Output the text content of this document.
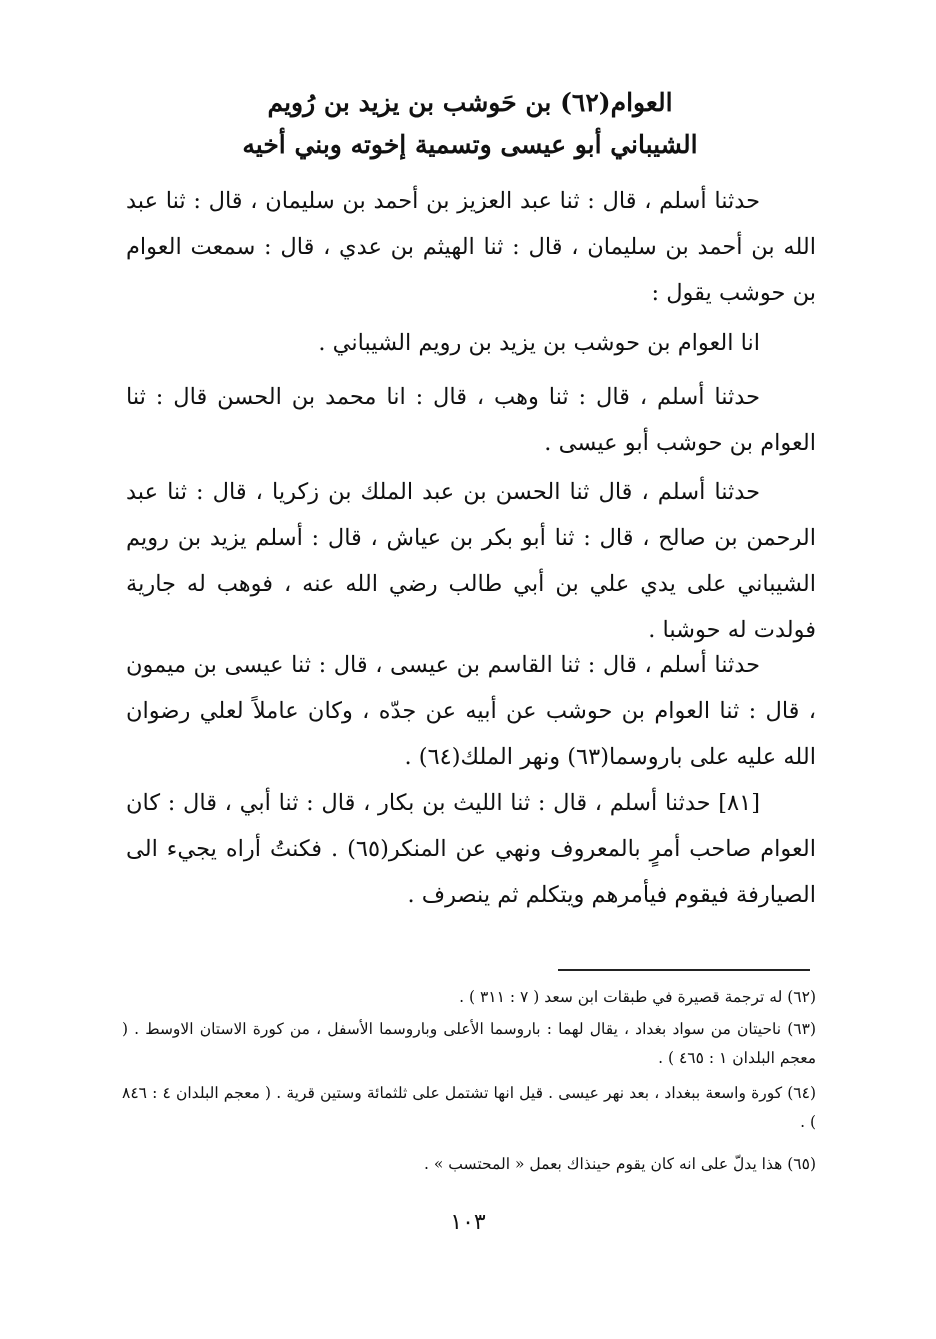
العوام(٦٢) بن حَوشب بن يزيد بن رُويم
الشيباني أبو عيسى وتسمية إخوته وبني أخيه
حدثنا أسلم ، قال : ثنا عبد العزيز بن أحمد بن سليمان ، قال : ثنا عبد الله بن أحمد بن سليمان ، قال : ثنا الهيثم بن عدي ، قال : سمعت العوام بن حوشب يقول :
انا العوام بن حوشب بن يزيد بن رويم الشيباني .
حدثنا أسلم ، قال : ثنا وهب ، قال : انا محمد بن الحسن قال : ثنا العوام بن حوشب أبو عيسى .
حدثنا أسلم ، قال ثنا الحسن بن عبد الملك بن زكريا ، قال : ثنا عبد الرحمن بن صالح ، قال : ثنا أبو بكر بن عياش ، قال : أسلم يزيد بن رويم الشيباني على يدي علي بن أبي طالب رضي الله عنه ، فوهب له جارية فولدت له حوشبا .
حدثنا أسلم ، قال : ثنا القاسم بن عيسى ، قال : ثنا عيسى بن ميمون ، قال : ثنا العوام بن حوشب عن أبيه عن جدّه ، وكان عاملاً لعلي رضوان الله عليه على باروسما(٦٣) ونهر الملك(٦٤) .
[٨١] حدثنا أسلم ، قال : ثنا الليث بن بكار ، قال : ثنا أبي ، قال : كان العوام صاحب أمرٍ بالمعروف ونهي عن المنكر(٦٥) . فكنتُ أراه يجيء الى الصيارفة فيقوم فيأمرهم ويتكلم ثم ينصرف .
(٦٢) له ترجمة قصيرة في طبقات ابن سعد ( ٧ : ٣١١ ) .
(٦٣) ناحيتان من سواد بغداد ، يقال لهما : باروسما الأعلى وباروسما الأسفل ، من كورة الاستان الاوسط . ( معجم البلدان ١ : ٤٦٥ ) .
(٦٤) كورة واسعة ببغداد ، بعد نهر عيسى . قيل انها تشتمل على ثلثمائة وستين قرية . ( معجم البلدان ٤ : ٨٤٦ ) .
(٦٥) هذا يدلّ على انه كان يقوم حينذاك بعمل « المحتسب » .
١٠٣
